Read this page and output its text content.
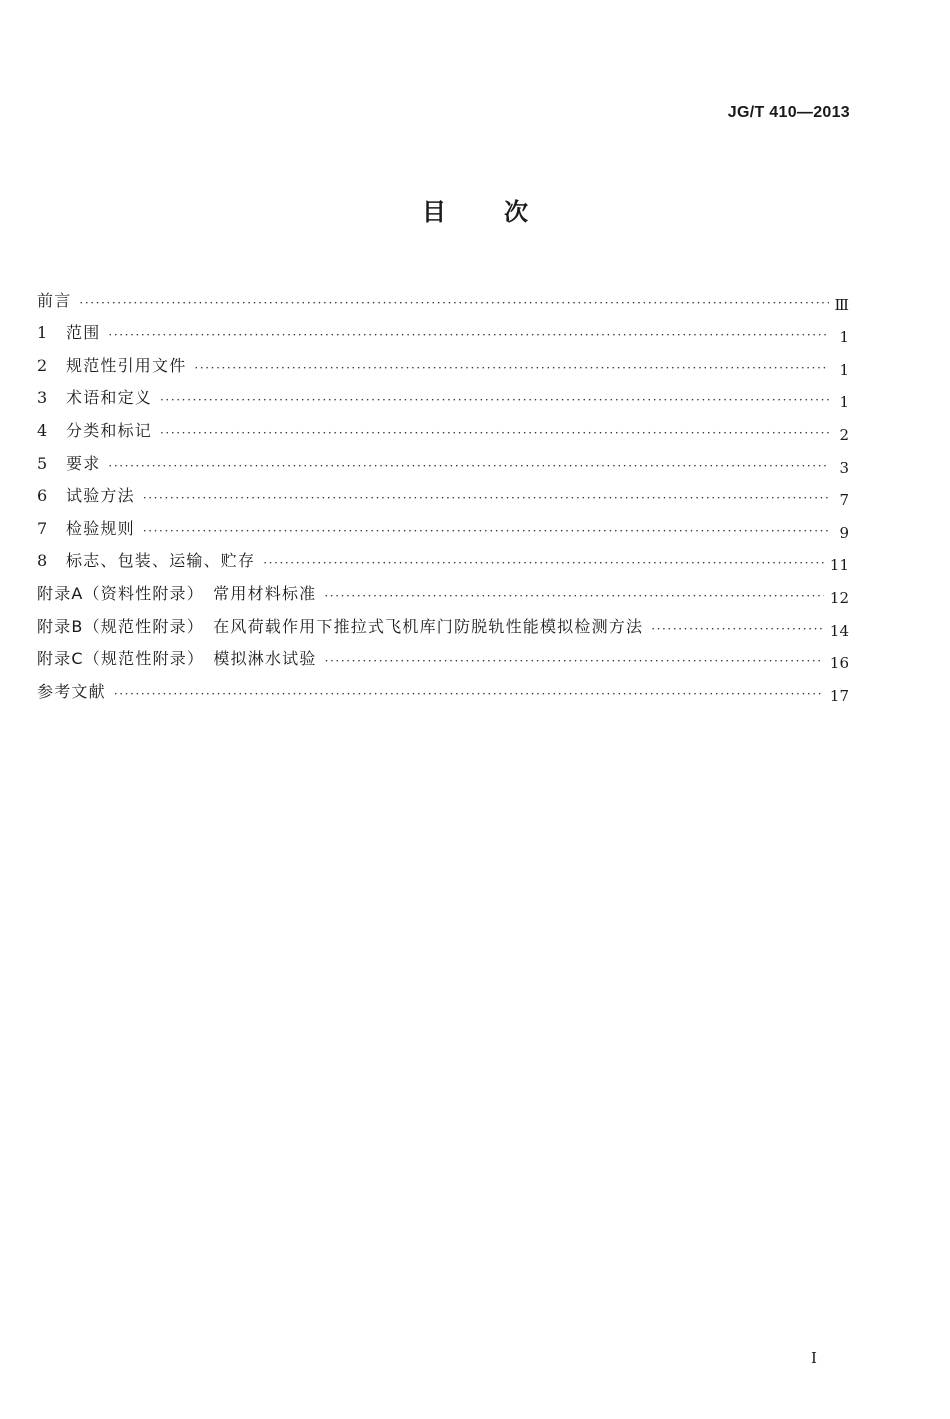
JG/T 410—2013
目次
前言 ·····	Ⅲ
1 范围 ·····	1
2 规范性引用文件 ·····	1
3 术语和定义 ·····	1
4 分类和标记 ·····	2
5 要求 ·····	3
6 试验方法 ·····	7
7 检验规则 ·····	9
8 标志、包装、运输、贮存 ·····	11
附录A（资料性附录）　常用材料标准 ·····	12
附录B（规范性附录）　在风荷载作用下推拉式飞机库门防脱轨性能模拟检测方法 ·····	14
附录C（规范性附录）　模拟淋水试验 ·····	16
参考文献 ·····	17
I
